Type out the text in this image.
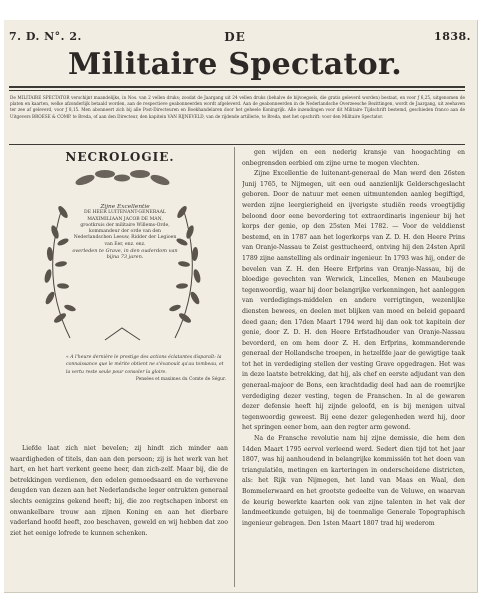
7. D. N°. 2.	DE	1838.
Militaire Spectator.
De MILITAIRE SPECTATOR verschijnt maandelijks, in Nos. van 2 vellen druks; zoodat de Jaargang uit 24 vellen druks (behalve de bijvoegsels, die gratis geleverd worden) bestaat, en voor ƒ 6,25, uitgenomen de platen en kaarten, welke afzonderlijk betaald worden, aan de respectieve geabonneerden wordt afgeleverd. Aan de geabonneerden in de Nederlandsche Overzeesche Bezittingen, wordt de Jaargang, uit zeehaven ter zee af geleverd, voor ƒ 8,15. Men abonneert zich bij alle Post-Directeuren en Boekhandelaren door het geheele Koningrijk. Alle inzendingen voor dit Militaire Tijdschrift bestemd, geschieden franco aan de Uitgevers BROESE & COMP. te Breda, of aan den Directeur, den kapitein VAN RIJNEVELD, van de rijdende artillerie, te Breda, met het opschrift: voor den Militaire Spectator.
NECROLOGIE.
Zijne Excellentie
DE HEER LUITENANT-GENERAAL
MAXIMILIAAN JACOB DE MAN,
grootkruis der militaire Willems-Orde, kommandeur der orde van den Nederlandschen Leeuw, Ridder der Legioen van Eer, enz. enz.
overleden te Grave, in den ouderdom van bijna 73 jaren.
« A l'heure dernière le prestige des actions éclatantes disparaît: la connaissance que le mérite obtient ne s'évanouit qu'au tombeau, et la vertu reste seule pour consoler la gloire.
Pensées et maximes du Comte de Ségur.
Liefde laat zich niet bevelen; zij hindt zich minder aan waardigheden of titels, dan aan den persoon; zij is het werk van het hart, en het hart verkent geene heer, dan zich-zelf. Maar bij, die de betrekkingen verdienen, den edelen gemoedsaard en de verhevene deugden van dezen aan het Nederlandsche leger ontrukten generaal slechts eenigzins gekend heeft; bij, die zoo regtschapen inborst en onwankelbare trouw aan zijnen Koning en aan het dierbare vaderland hoofd heeft, zoo beschaven, geweld en wij hebben dat zoo ziet het eenige lofrede te kunnen schenken.

gen wijden en een nederig kransje van hoogachting en onbegrensden eerbied om zijne urne te mogen vlechten.

Zijne Excellentie de luitenant-generaal de Man werd den 26sten Junij 1765, te Nijmegen, uit een oud aanzienlijk Gelderschgeslacht geboren. Door de natuur met eenen uitmuntenden aanleg begiftigd, werden zijne leergierigheid en ijverigste studiën reeds vroegtijdig beloond door eene bevordering tot extraordinaris ingenieur bij het korps der genie, op den 25sten Mei 1782. — Voor de velddienst bestemd, en in 1787 aan het logerkorps van Z. D. H. den Heere Prins van Oranje-Nassau te Zeist gesttucheerd, ontving hij den 24sten April 1789 zijne aanstelling als ordinair ingenieur. In 1793 was hij, onder de bevelen van Z. H. den Heere Erfprins van Oranje-Nassau, bij de bloedige gevechten van Werwick, Lincelles, Menen en Maubeuge tegenwoordig, waar hij door belangrijke verkenningen, het aanleggen van verdedigings-middelen en andere verrigtingen, wezenlijke diensten bewees, en deelen met blijken van moed en beleid gepaard deed gaan; den 17den Maart 1794 werd hij dan ook tot kapitein der genie, door Z. D. H. den Heere Erfstadhouder van Oranje-Nassau bevorderd, en om hem door Z. H. den Erfprins, kommanderende generaal der Hollandsche troepen, in hetzelfde jaar de gewigtige taak tot het in verdediging stellen der vesting Grave opgedragen. Het was in deze laatste betrekking, dat hij, als chef en eerste adjudant van den generaal-majoor de Bons, een krachtdadig deel had aan de roemrijke verdediging dezer vesting, tegen de Franschen. In al de gewaren dezer defensie heeft hij zijnde geloofd, en is bij menigen uitval tegenwoordig geweest. Bij eene dezer gelegenheden werd hij, door het springen eener bom, aan den regter arm gewond.

Na de Fransche revolutie nam hij zijne demissie, die hem den 14den Maart 1795 eervol verleend werd. Sedert dien tijd tot het jaar 1807, was hij aanhoudend in belangrijke kommissiën tot het doen van triangulatiën, metingen en karteringen in onderscheidene districten, als: het Rijk van Nijmegen, het land van Maas en Waal, den Bommelerwaard en het grootste gedeelte van de Veluwe, en waarvan de keurig bewerkte kaarten ook van zijne talenten in het vak der landmeetkunde getuigen, bij de toenmalige Generale Topographisch ingenieur gebragen. Den 1sten Maart 1807 trad hij wederom
